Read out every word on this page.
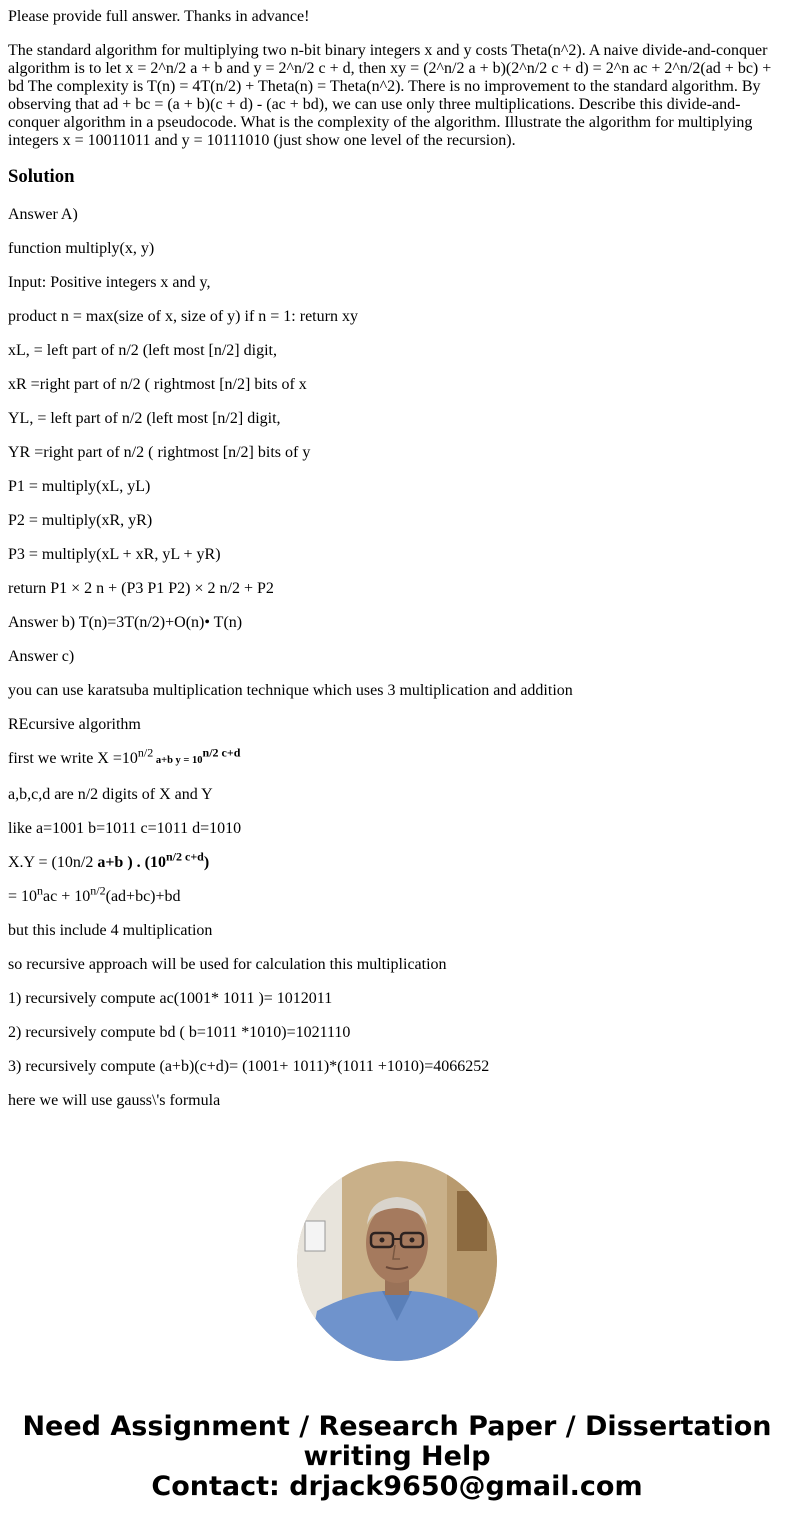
Please provide full answer. Thanks in advance!

The standard algorithm for multiplying two n-bit binary integers x and y costs Theta(n^2). A naive divide-and-conquer algorithm is to let x = 2^n/2 a + b and y = 2^n/2 c + d, then xy = (2^n/2 a + b)(2^n/2 c + d) = 2^n ac + 2^n/2(ad + bc) + bd The complexity is T(n) = 4T(n/2) + Theta(n) = Theta(n^2). There is no improvement to the standard algorithm. By observing that ad + bc = (a + b)(c + d) - (ac + bd), we can use only three multiplications. Describe this divide-and-conquer algorithm in a pseudocode. What is the complexity of the algorithm. Illustrate the algorithm for multiplying integers x = 10011011 and y = 10111010 (just show one level of the recursion).

Solution

Answer A)

function multiply(x, y)

Input: Positive integers x and y,

product n = max(size of x, size of y) if n = 1: return xy

xL, = left part of n/2 (left most [n/2] digit,

xR =right part of n/2 ( rightmost [n/2] bits of x

YL, = left part of n/2 (left most [n/2] digit,

YR =right part of n/2 ( rightmost [n/2] bits of y

P1 = multiply(xL, yL)

P2 = multiply(xR, yR)

P3 = multiply(xL + xR, yL + yR)

return P1 × 2 n + (P3 P1 P2) × 2 n/2 + P2

Answer b) T(n)=3T(n/2)+O(n)• T(n)

Answer c)

you can use karatsuba multiplication technique which uses 3 multiplication and addition

REcursive algorithm

first we write $X =10^{n/2}$ a+b $y = 10^{n/2 c+d}$

a,b,c,d are n/2 digits of X and Y

like a=1001 b=1011 c=1011 d=1010

X.Y = (10n/2 a+b ) . $(10^{n/2 c+d})$

= $10^nac + 10^{n/2}(ad+bc)+bd$

but this include 4 multiplication

so recursive approach will be used for calculation this multiplication

1) recursively compute ac(1001* 1011 )= 1012011

2) recursively compute bd ( b=1011 *1010)=1021110

3) recursively compute (a+b)(c+d)= (1001+ 1011)*(1011 +1010)=4066252

here we will use gauss\'s formula

Need Assignment / Research Paper / Dissertation
writing Help
Contact: drjack9650@gmail.com
